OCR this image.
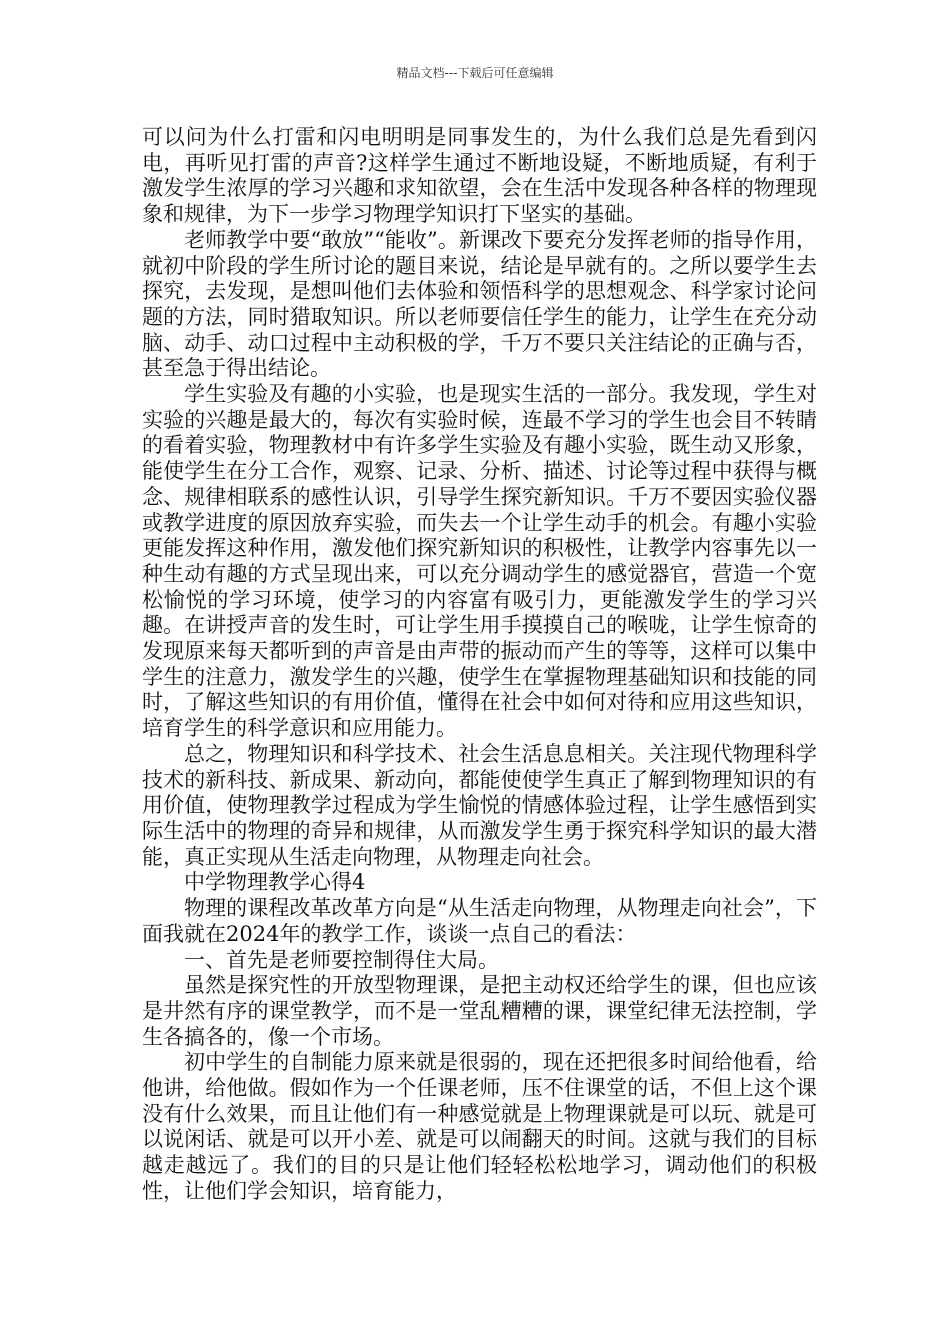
精品文档---下载后可任意编辑

可以问为什么打雷和闪电明明是同事发生的，为什么我们总是先看到闪电，再听见打雷的声音?这样学生通过不断地设疑，不断地质疑，有利于激发学生浓厚的学习兴趣和求知欲望，会在生活中发现各种各样的物理现象和规律，为下一步学习物理学知识打下坚实的基础。

老师教学中要“敢放”“能收”。新课改下要充分发挥老师的指导作用，就初中阶段的学生所讨论的题目来说，结论是早就有的。之所以要学生去探究，去发现，是想叫他们去体验和领悟科学的思想观念、科学家讨论问题的方法，同时猎取知识。所以老师要信任学生的能力，让学生在充分动脑、动手、动口过程中主动积极的学，千万不要只关注结论的正确与否，甚至急于得出结论。

学生实验及有趣的小实验，也是现实生活的一部分。我发现，学生对实验的兴趣是最大的，每次有实验时候，连最不学习的学生也会目不转睛的看着实验，物理教材中有许多学生实验及有趣小实验，既生动又形象，能使学生在分工合作，观察、记录、分析、描述、讨论等过程中获得与概念、规律相联系的感性认识，引导学生探究新知识。千万不要因实验仪器或教学进度的原因放弃实验，而失去一个让学生动手的机会。有趣小实验更能发挥这种作用，激发他们探究新知识的积极性，让教学内容事先以一种生动有趣的方式呈现出来，可以充分调动学生的感觉器官，营造一个宽松愉悦的学习环境，使学习的内容富有吸引力，更能激发学生的学习兴趣。在讲授声音的发生时，可让学生用手摸摸自己的喉咙，让学生惊奇的发现原来每天都听到的声音是由声带的振动而产生的等等，这样可以集中学生的注意力，激发学生的兴趣，使学生在掌握物理基础知识和技能的同时，了解这些知识的有用价值，懂得在社会中如何对待和应用这些知识，培育学生的科学意识和应用能力。

总之，物理知识和科学技术、社会生活息息相关。关注现代物理科学技术的新科技、新成果、新动向，都能使使学生真正了解到物理知识的有用价值，使物理教学过程成为学生愉悦的情感体验过程，让学生感悟到实际生活中的物理的奇异和规律，从而激发学生勇于探究科学知识的最大潜能，真正实现从生活走向物理，从物理走向社会。

中学物理教学心得4

物理的课程改革改革方向是“从生活走向物理，从物理走向社会”，下面我就在2024年的教学工作，谈谈一点自己的看法：

一、首先是老师要控制得住大局。

虽然是探究性的开放型物理课，是把主动权还给学生的课，但也应该是井然有序的课堂教学，而不是一堂乱糟糟的课，课堂纪律无法控制，学生各搞各的，像一个市场。

初中学生的自制能力原来就是很弱的，现在还把很多时间给他看，给他讲，给他做。假如作为一个任课老师，压不住课堂的话，不但上这个课没有什么效果，而且让他们有一种感觉就是上物理课就是可以玩、就是可以说闲话、就是可以开小差、就是可以闹翻天的时间。这就与我们的目标越走越远了。我们的目的只是让他们轻轻松松地学习，调动他们的积极性，让他们学会知识，培育能力，
